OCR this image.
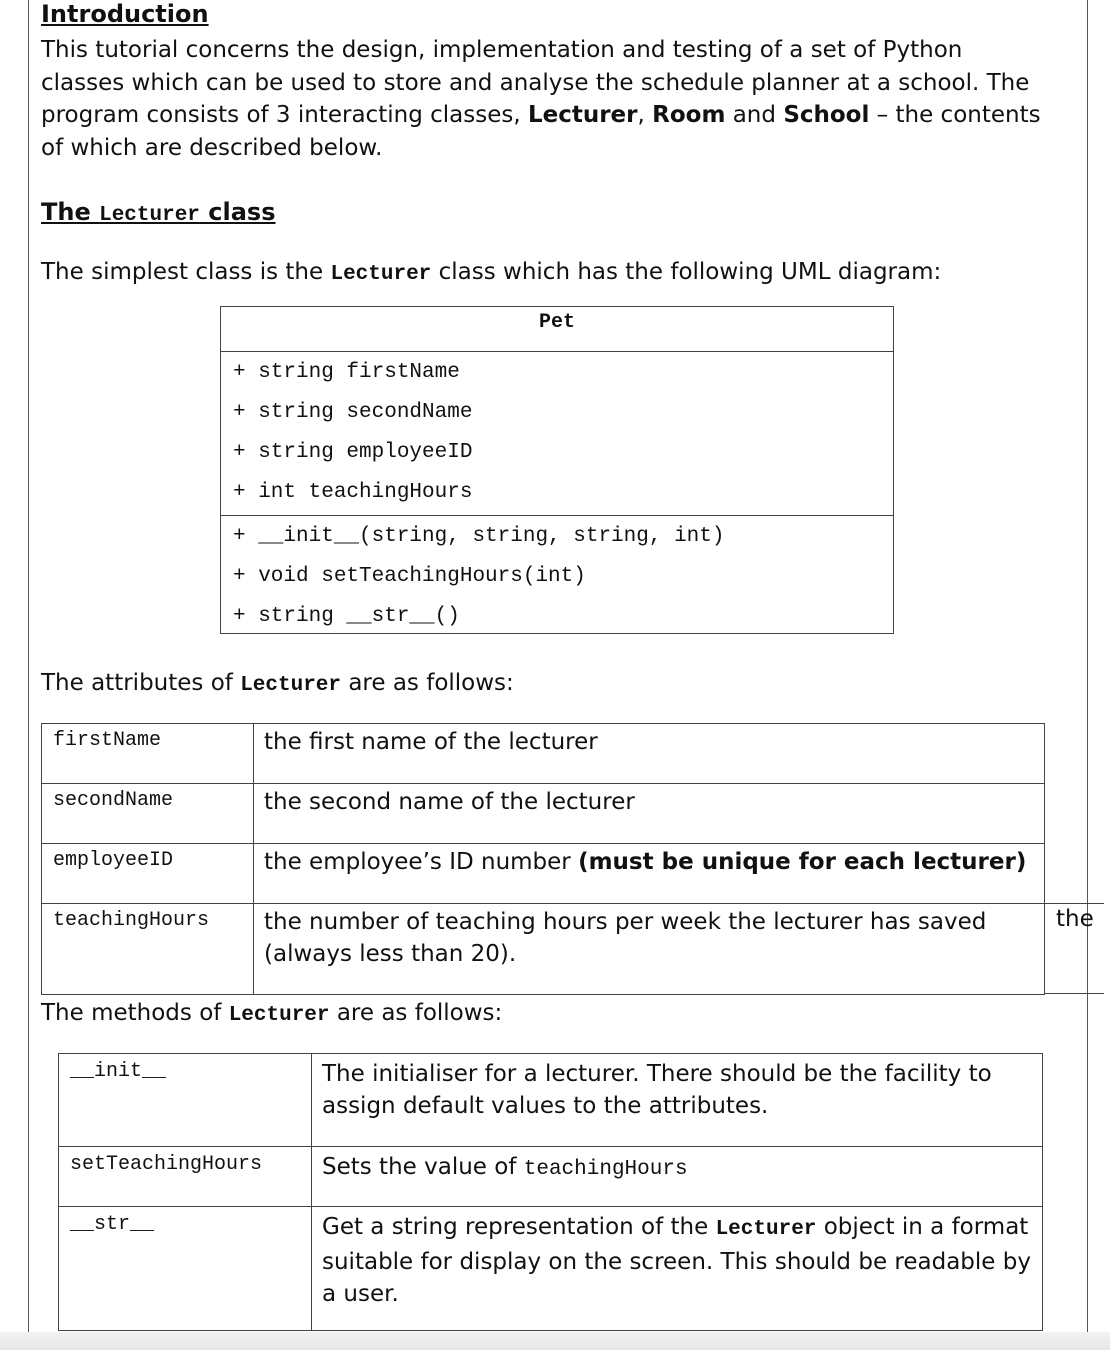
Introduction
This tutorial concerns the design, implementation and testing of a set of Python classes which can be used to store and analyse the schedule planner at a school. The program consists of 3 interacting classes, Lecturer, Room and School – the contents of which are described below.
The Lecturer class
The simplest class is the Lecturer class which has the following UML diagram:
Pet
+ string firstName
+ string secondName
+ string employeeID
+ int teachingHours
+ __init__(string, string, string, int)
+ void setTeachingHours(int)
+ string __str__()
The attributes of Lecturer are as follows:
firstName	the first name of the lecturer
secondName	the second name of the lecturer
employeeID	the employee’s ID number (must be unique for each lecturer)
teachingHours	the number of teaching hours per week the lecturer has saved (always less than 20).
the
The methods of Lecturer are as follows:
__init__	The initialiser for a lecturer. There should be the facility to assign default values to the attributes.
setTeachingHours	Sets the value of teachingHours
__str__	Get a string representation of the Lecturer object in a format suitable for display on the screen. This should be readable by a user.
